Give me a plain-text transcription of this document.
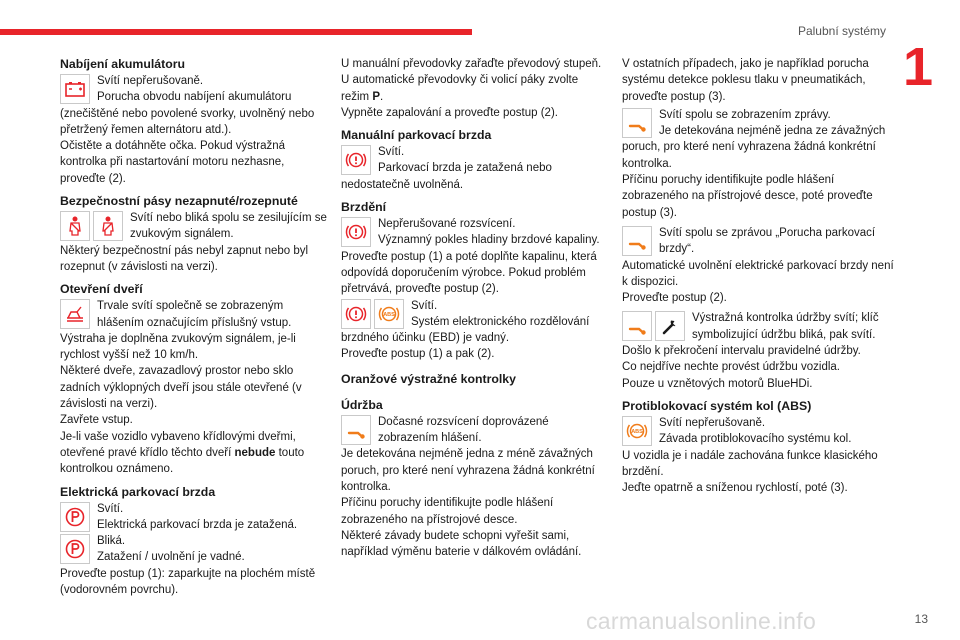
Palubní systémy
1
13
carmanualsonline.info
Nabíjení akumulátoru

Svítí nepřerušovaně.

Porucha obvodu nabíjení akumulátoru (znečištěné nebo povolené svorky, uvolněný nebo přetržený řemen alternátoru atd.).

Očistěte a dotáhněte očka. Pokud výstražná kontrolka při nastartování motoru nezhasne, proveďte (2).

Bezpečnostní pásy nezapnuté/rozepnuté

Svítí nebo bliká spolu se zesilujícím se zvukovým signálem.

Některý bezpečnostní pás nebyl zapnut nebo byl rozepnut (v závislosti na verzi).

Otevření dveří

Trvale svítí společně se zobrazeným hlášením označujícím příslušný vstup.

Výstraha je doplněna zvukovým signálem, je-li rychlost vyšší než 10 km/h.

Některé dveře, zavazadlový prostor nebo sklo zadních výklopných dveří jsou stále otevřené (v závislosti na verzi).

Zavřete vstup.

Je-li vaše vozidlo vybaveno křídlovými dveřmi, otevřené pravé křídlo těchto dveří nebude touto kontrolkou oznámeno.

Elektrická parkovací brzda

Svítí.

Elektrická parkovací brzda je zatažená.

Bliká.

Zatažení / uvolnění je vadné.

Proveďte postup (1): zaparkujte na plochém místě (vodorovném povrchu).

U manuální převodovky zařaďte převodový stupeň.

U automatické převodovky či volicí páky zvolte režim P.

Vypněte zapalování a proveďte postup (2).

Manuální parkovací brzda

Svítí.

Parkovací brzda je zatažená nebo nedostatečně uvolněná.

Brzdění

Nepřerušované rozsvícení.

Významný pokles hladiny brzdové kapaliny.

Proveďte postup (1) a poté doplňte kapalinu, která odpovídá doporučením výrobce. Pokud problém přetrvává, proveďte postup (2).

ABS

Svítí.

Systém elektronického rozdělování brzdného účinku (EBD) je vadný.

Proveďte postup (1) a pak (2).

Oranžové výstražné kontrolky
Údržba

Dočasné rozsvícení doprovázené zobrazením hlášení.

Je detekována nejméně jedna z méně závažných poruch, pro které není vyhrazena žádná konkrétní kontrolka.

Příčinu poruchy identifikujte podle hlášení zobrazeného na přístrojové desce.

Některé závady budete schopni vyřešit sami, například výměnu baterie v dálkovém ovládání.

V ostatních případech, jako je například porucha systému detekce poklesu tlaku v pneumatikách, proveďte postup (3).

Svítí spolu se zobrazením zprávy.

Je detekována nejméně jedna ze závažných poruch, pro které není vyhrazena žádná konkrétní kontrolka.

Příčinu poruchy identifikujte podle hlášení zobrazeného na přístrojové desce, poté proveďte postup (3).

Svítí spolu se zprávou „Porucha parkovací brzdy“.

Automatické uvolnění elektrické parkovací brzdy není k dispozici.

Proveďte postup (2).

Výstražná kontrolka údržby svítí; klíč symbolizující údržbu bliká, pak svítí.

Došlo k překročení intervalu pravidelné údržby.

Co nejdříve nechte provést údržbu vozidla.

Pouze u vznětových motorů BlueHDi.

Protiblokovací systém kol (ABS)
ABS

Svítí nepřerušovaně.

Závada protiblokovacího systému kol.

U vozidla je i nadále zachována funkce klasického brzdění.

Jeďte opatrně a sníženou rychlostí, poté (3).
